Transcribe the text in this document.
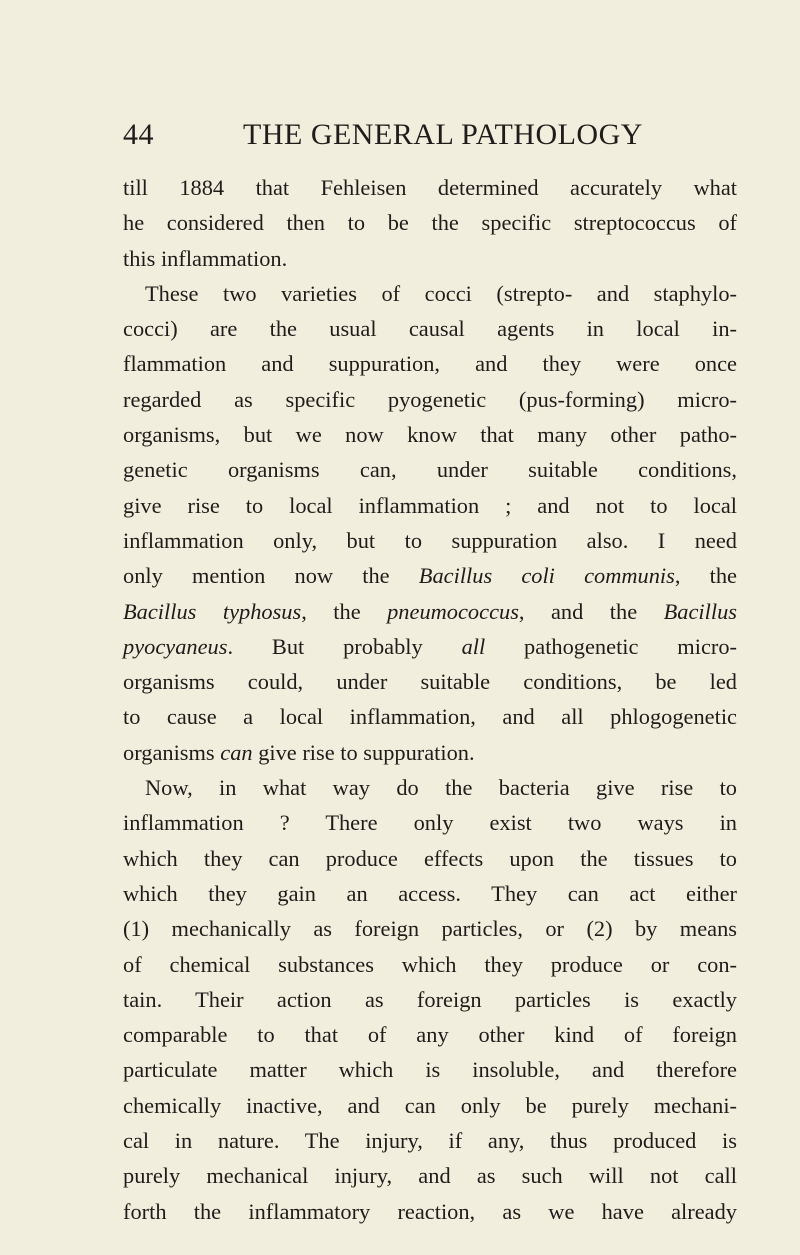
44	THE GENERAL PATHOLOGY
till 1884 that Fehleisen determined accurately what
he considered then to be the specific streptococcus of
this inflammation.
These two varieties of cocci (strepto- and staphylo-
cocci) are the usual causal agents in local in-
flammation and suppuration, and they were once
regarded as specific pyogenetic (pus-forming) micro-
organisms, but we now know that many other patho-
genetic organisms can, under suitable conditions,
give rise to local inflammation ; and not to local
inflammation only, but to suppuration also. I need
only mention now the Bacillus coli communis, the
Bacillus typhosus, the pneumococcus, and the Bacillus
pyocyaneus. But probably all pathogenetic micro-
organisms could, under suitable conditions, be led
to cause a local inflammation, and all phlogogenetic
organisms can give rise to suppuration.
Now, in what way do the bacteria give rise to
inflammation ? There only exist two ways in
which they can produce effects upon the tissues to
which they gain an access. They can act either
(1) mechanically as foreign particles, or (2) by means
of chemical substances which they produce or con-
tain. Their action as foreign particles is exactly
comparable to that of any other kind of foreign
particulate matter which is insoluble, and therefore
chemically inactive, and can only be purely mechani-
cal in nature. The injury, if any, thus produced is
purely mechanical injury, and as such will not call
forth the inflammatory reaction, as we have already
